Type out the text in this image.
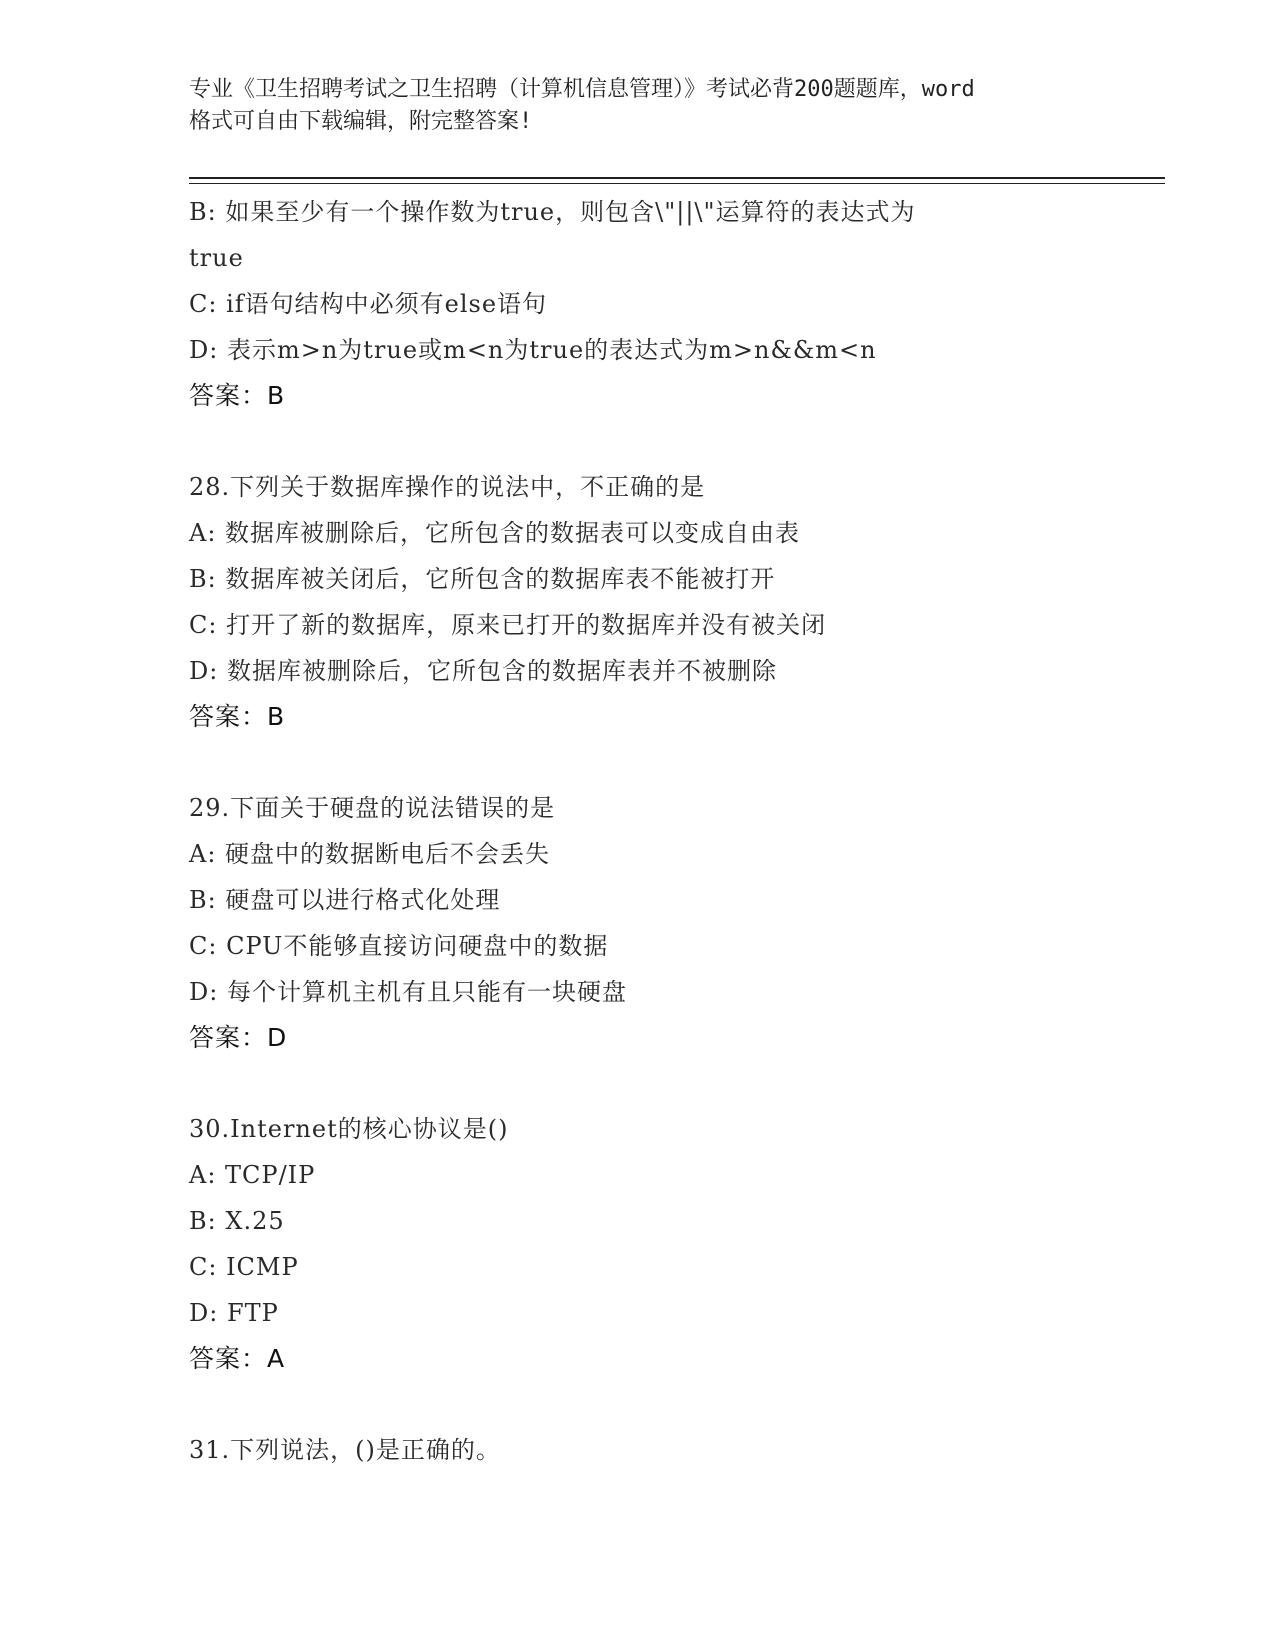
专业《卫生招聘考试之卫生招聘（计算机信息管理）》考试必背200题题库，word
格式可自由下载编辑，附完整答案!
B: 如果至少有一个操作数为true，则包含\"||\"运算符的表达式为
true
C: if语句结构中必须有else语句
D: 表示m>n为true或m<n为true的表达式为m>n&&m<n
答案：B
28.下列关于数据库操作的说法中，不正确的是
A: 数据库被删除后，它所包含的数据表可以变成自由表
B: 数据库被关闭后，它所包含的数据库表不能被打开
C: 打开了新的数据库，原来已打开的数据库并没有被关闭
D: 数据库被删除后，它所包含的数据库表并不被删除
答案：B
29.下面关于硬盘的说法错误的是
A: 硬盘中的数据断电后不会丢失
B: 硬盘可以进行格式化处理
C: CPU不能够直接访问硬盘中的数据
D: 每个计算机主机有且只能有一块硬盘
答案：D
30.Internet的核心协议是()
A: TCP/IP
B: X.25
C: ICMP
D: FTP
答案：A
31.下列说法，()是正确的。
